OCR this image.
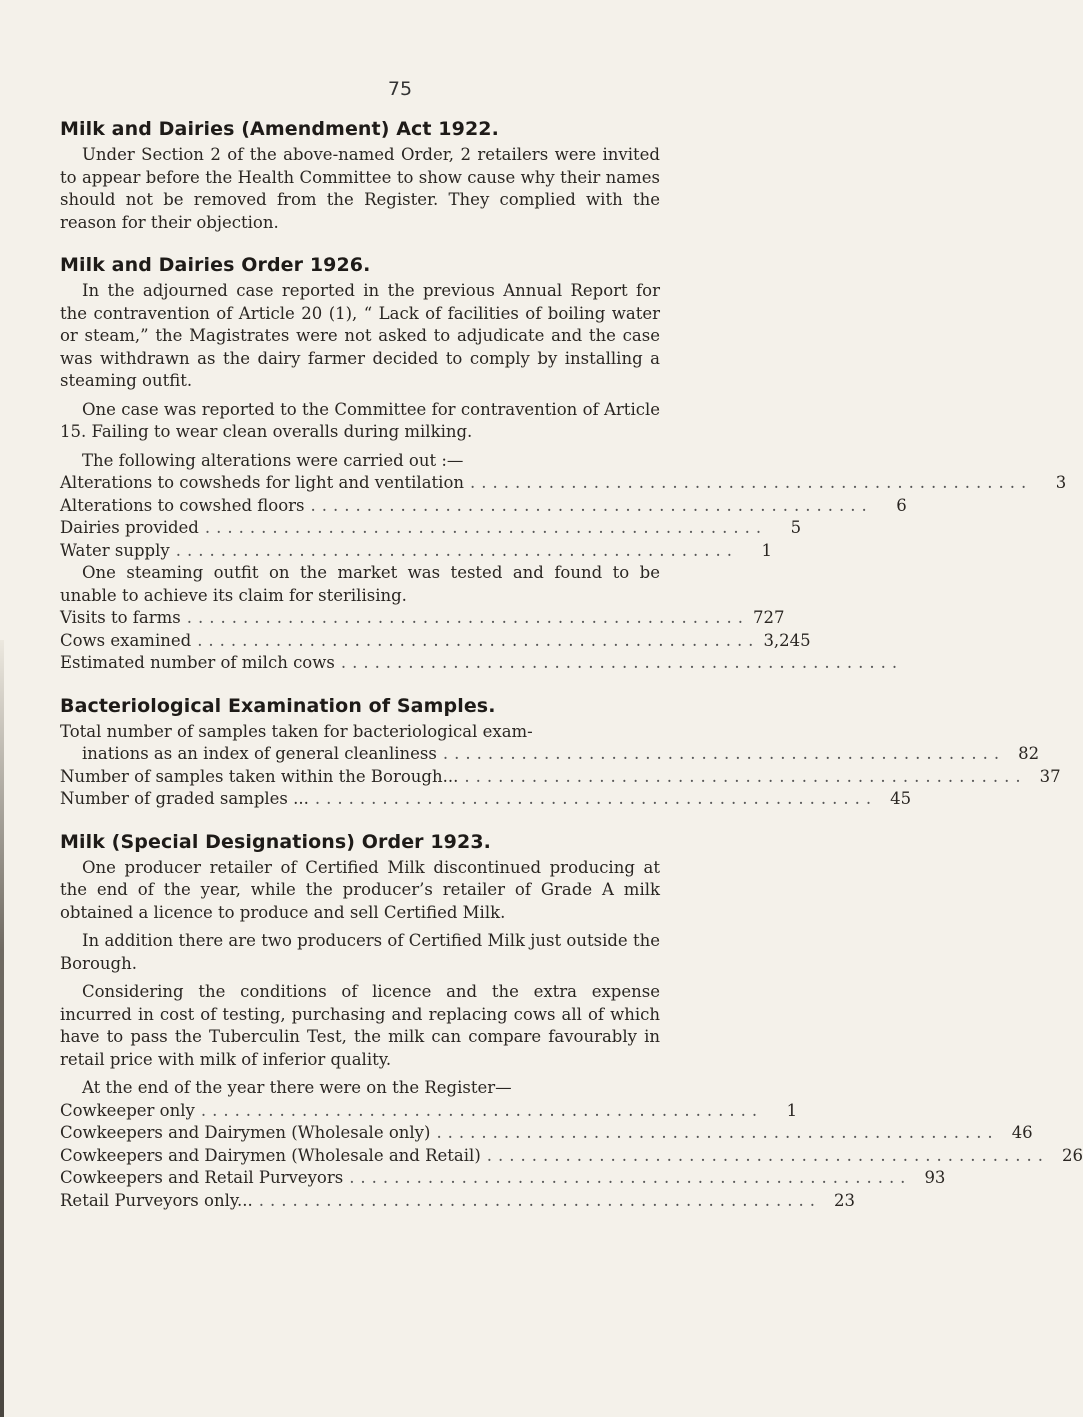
75
Milk and Dairies (Amendment) Act 1922.

Under Section 2 of the above-named Order, 2 retailers were invited to appear before the Health Committee to show cause why their names should not be removed from the Register. They complied with the reason for their objection.

Milk and Dairies Order 1926.

In the adjourned case reported in the previous Annual Report for the contravention of Article 20 (1), “ Lack of facilities of boiling water or steam,” the Magistrates were not asked to adjudicate and the case was withdrawn as the dairy farmer decided to comply by installing a steaming outfit.

One case was reported to the Committee for contravention of Article 15. Failing to wear clean overalls during milking.

The following alterations were carried out :—

Alterations to cowsheds for light and ventilation ..................................................	3
Alterations to cowshed floors ..................................................	6
Dairies provided ..................................................	5
Water supply ..................................................	1

One steaming outfit on the market was tested and found to be unable to achieve its claim for sterilising.

Visits to farms .................................................. 727
Cows examined .................................................. 3,245
Estimated number of milch cows ..................................................
Bacteriological Examination of Samples.
Total number of samples taken for bacteriological exam-
inations as an index of general cleanliness .................................................. 82
Number of samples taken within the Borough... .................................................. 37
Number of graded samples ... .................................................. 45
Milk (Special Designations) Order 1923.

One producer retailer of Certified Milk discontinued producing at the end of the year, while the producer’s retailer of Grade A milk obtained a licence to produce and sell Certified Milk.

In addition there are two producers of Certified Milk just outside the Borough.

Considering the conditions of licence and the extra expense incurred in cost of testing, purchasing and replacing cows all of which have to pass the Tuberculin Test, the milk can compare favourably in retail price with milk of inferior quality.

At the end of the year there were on the Register—

Cowkeeper only ..................................................	1
Cowkeepers and Dairymen (Wholesale only) .................................................. 46
Cowkeepers and Dairymen (Wholesale and Retail) .................................................. 26
Cowkeepers and Retail Purveyors .................................................. 93
Retail Purveyors only... .................................................. 23
